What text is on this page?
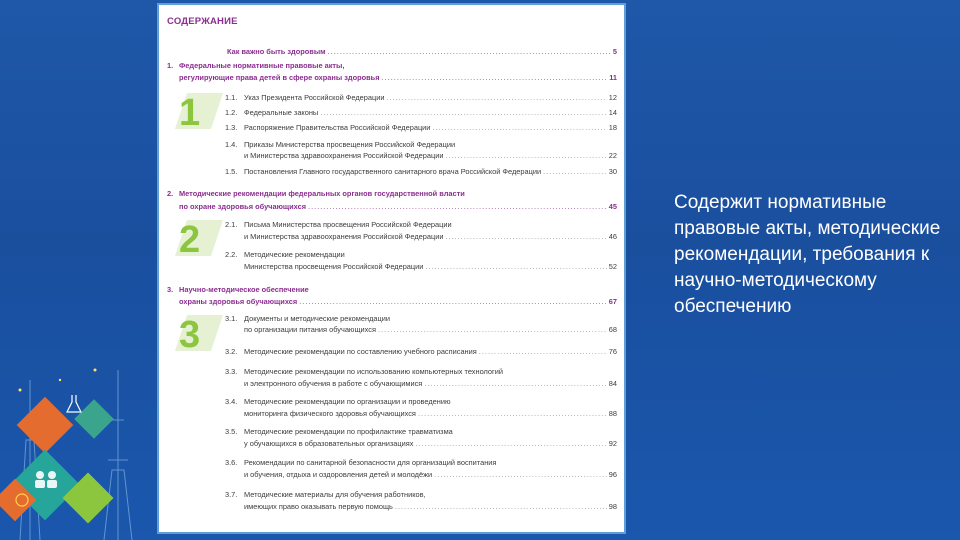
СОДЕРЖАНИЕ
Как важно быть здоровым .....	5
1. Федеральные нормативные правовые акты,
регулирующие права детей в сфере охраны здоровья .....	11
1	1.1. Указ Президента Российской Федерации .....	12
1.2. Федеральные законы .....	14
1.3. Распоряжение Правительства Российской Федерации .....	18
1.4. Приказы Министерства просвещения Российской Федерации
и Министерства здравоохранения Российской Федерации .....	22
1.5. Постановления Главного государственного санитарного врача Российской Федерации .....	30
2. Методические рекомендации федеральных органов государственной власти
по охране здоровья обучающихся .....	45
2	2.1. Письма Министерства просвещения Российской Федерации
и Министерства здравоохранения Российской Федерации .....	46
2.2. Методические рекомендации
Министерства просвещения Российской Федерации .....	52
3. Научно-методическое обеспечение
охраны здоровья обучающихся .....	67
3	3.1. Документы и методические рекомендации
по организации питания обучающихся .....	68
3.2. Методические рекомендации по составлению учебного расписания .....	76
3.3. Методические рекомендации по использованию компьютерных технологий
и электронного обучения в работе с обучающимися .....	84
3.4. Методические рекомендации по организации и проведению
мониторинга физического здоровья обучающихся .....	88
3.5. Методические рекомендации по профилактике травматизма
у обучающихся в образовательных организациях .....	92
3.6. Рекомендации по санитарной безопасности для организаций воспитания
и обучения, отдыха и оздоровления детей и молодёжи .....	96
3.7. Методические материалы для обучения работников,
имеющих право оказывать первую помощь .....	98
Содержит нормативные правовые акты, методические рекомендации, требования к научно-методическому обеспечению
